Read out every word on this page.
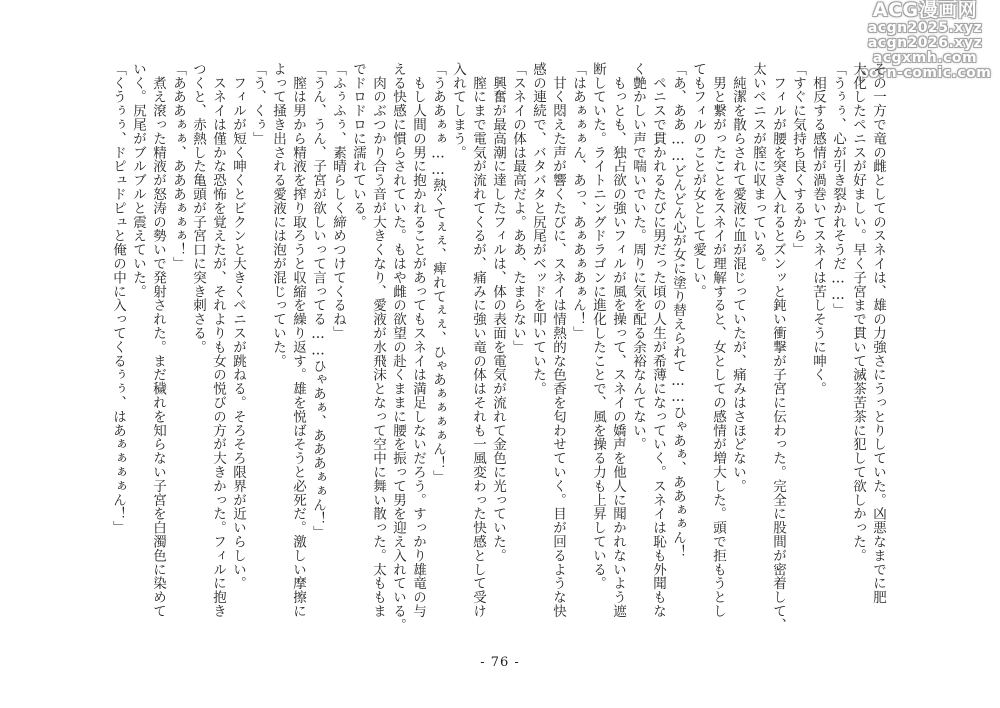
ACG漫画网
acgn2025.xyz
acgn2026.xyz
acgxmh.com
porn-comic.com
その一方で竜の雌としてのスネイは、雄の力強さにうっとりしていた。凶悪なまでに肥
大化したペニスが好ましい。早く子宮まで貫いて滅茶苦茶に犯して欲しかった。
「うぅぅ、心が引き裂かれそうだ……」
　相反する感情が渦巻いてスネイは苦しそうに呻く。
「すぐに気持ち良くするから」
　フィルが腰を突き入れるとズンッと鈍い衝撃が子宮に伝わった。完全に股間が密着して、
太いペニスが膣に収まっている。
　純潔を散らされて愛液に血が混じっていたが、痛みはさほどない。
　男と繋がったことをスネイが理解すると、女としての感情が増大した。頭で拒もうとし
てもフィルのことが女として愛しい。
「あ、ああ……どんどん心が女に塗り替えられて……ひゃあぁ、ああぁぁん！
　ペニスで貫かれるたびに男だった頃の人生が希薄になっていく。スネイは恥も外聞もな
く艶かしい声で喘いでいた。周りに気を配る余裕なんてない。
　もっとも、独占欲の強いフィルが風を操って、スネイの嬌声を他人に聞かれないよう遮
断していた。ライトニングドラゴンに進化したことで、風を操る力も上昇している。
「はあぁぁぁん、あっ、あぁあぁあぁん！」
　甘く悶えた声が響くたびに、スネイは情熱的な色香を匂わせていく。目が回るような快
感の連続で、バタバタと尻尾がベッドを叩いていた。
「スネイの体は最高だよ。ああ、たまらない」
　興奮が最高潮に達したフィルは、体の表面を電気が流れて金色に光っていた。
　膣にまで電気が流れてくるが、痛みに強い竜の体はそれも一風変わった快感として受け
入れてしまう。
「うああぁぁ……熱くてぇぇ、痺れてぇぇ、ひゃあぁぁぁぁん！」
　もし人間の男に抱かれることがあってもスネイは満足しないだろう。すっかり雄竜の与
える快感に慣らされていた。もはや雌の欲望の赴くままに腰を振って男を迎え入れている。
　肉のぶつかり合う音が大きくなり、愛液が水飛沫となって空中に舞い散った。太ももま
でドロドロに濡れている。
「ふぅふぅ、素晴らしく締めつけてくるね」
「うん、うん、子宮が欲しいって言ってる……ひゃあぁ、あああぁぁん！」
　膣は男から精液を搾り取ろうと収縮を繰り返す。雄を悦ばそうと必死だ。激しい摩擦に
よって掻き出される愛液には泡が混じっていた。
「う、くぅ」
　フィルが短く呻くとビクンと大きくペニスが跳ねる。そろそろ限界が近いらしい。
　スネイは僅かな恐怖を覚えたが、それよりも女の悦びの方が大きかった。フィルに抱き
つくと、赤熱した亀頭が子宮口に突き刺さる。
「あああぁぁ、あああぁぁぁ！」
　煮え滾った精液が怒涛の勢いで発射された。まだ穢れを知らない子宮を白濁色に染めて
いく。尻尾がブルブルと震えていた。
「くうぅぅ、ドピュドピュと俺の中に入ってくるぅぅ、はあぁぁぁぁん！」
- 76 -
